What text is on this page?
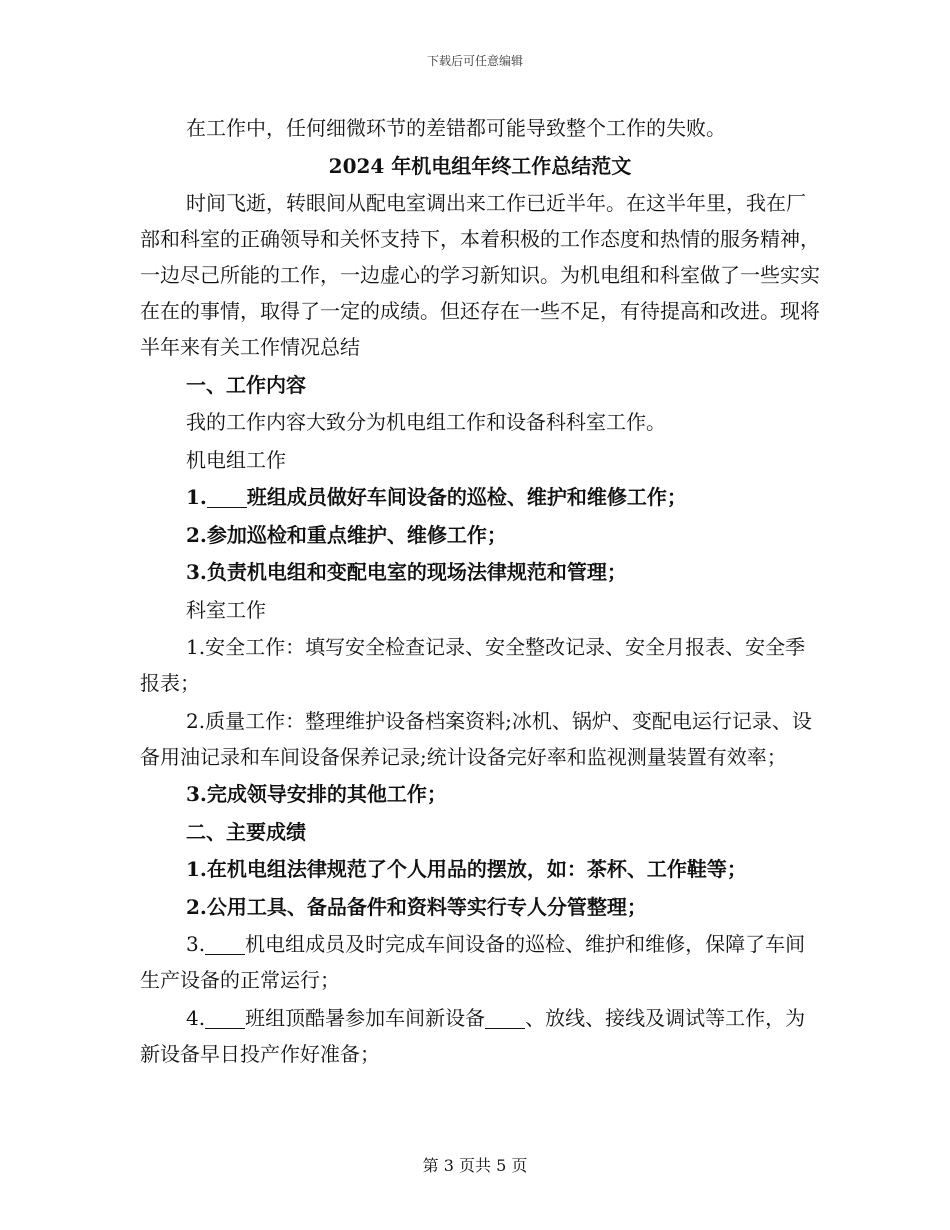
下载后可任意编辑

在工作中，任何细微环节的差错都可能导致整个工作的失败。

2024 年机电组年终工作总结范文

时间飞逝，转眼间从配电室调出来工作已近半年。在这半年里，我在厂部和科室的正确领导和关怀支持下，本着积极的工作态度和热情的服务精神，一边尽己所能的工作，一边虚心的学习新知识。为机电组和科室做了一些实实在在的事情，取得了一定的成绩。但还存在一些不足，有待提高和改进。现将半年来有关工作情况总结

一、工作内容

我的工作内容大致分为机电组工作和设备科科室工作。

机电组工作

1. 班组成员做好车间设备的巡检、维护和维修工作；

2.参加巡检和重点维护、维修工作；

3.负责机电组和变配电室的现场法律规范和管理；

科室工作

1.安全工作：填写安全检查记录、安全整改记录、安全月报表、安全季报表；

2.质量工作：整理维护设备档案资料;冰机、锅炉、变配电运行记录、设备用油记录和车间设备保养记录;统计设备完好率和监视测量装置有效率；

3.完成领导安排的其他工作；

二、主要成绩

1.在机电组法律规范了个人用品的摆放，如：茶杯、工作鞋等；

2.公用工具、备品备件和资料等实行专人分管整理；

3. 机电组成员及时完成车间设备的巡检、维护和维修，保障了车间生产设备的正常运行；

4. 班组顶酷暑参加车间新设备 、放线、接线及调试等工作，为新设备早日投产作好准备；

第 3 页共 5 页
